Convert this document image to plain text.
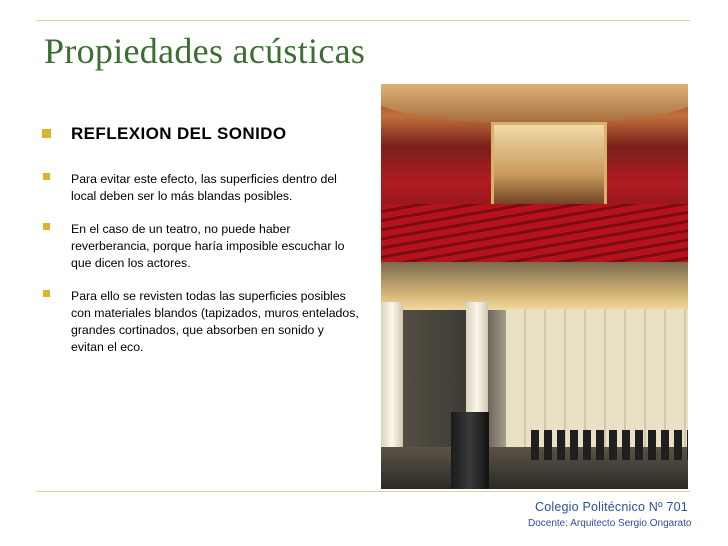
Propiedades acústicas
REFLEXION DEL SONIDO
Para evitar este efecto, las superficies dentro del local deben ser lo más blandas posibles.
En el caso de un teatro, no puede haber reverberancia, porque haría imposible escuchar lo que dicen los actores.
Para ello se revisten todas las superficies posibles con materiales blandos (tapizados, muros entelados, grandes cortinados, que absorben en sonido y evitan el eco.
Colegio Politécnico Nº 701
Docente: Arquitecto Sergio Ongarato
